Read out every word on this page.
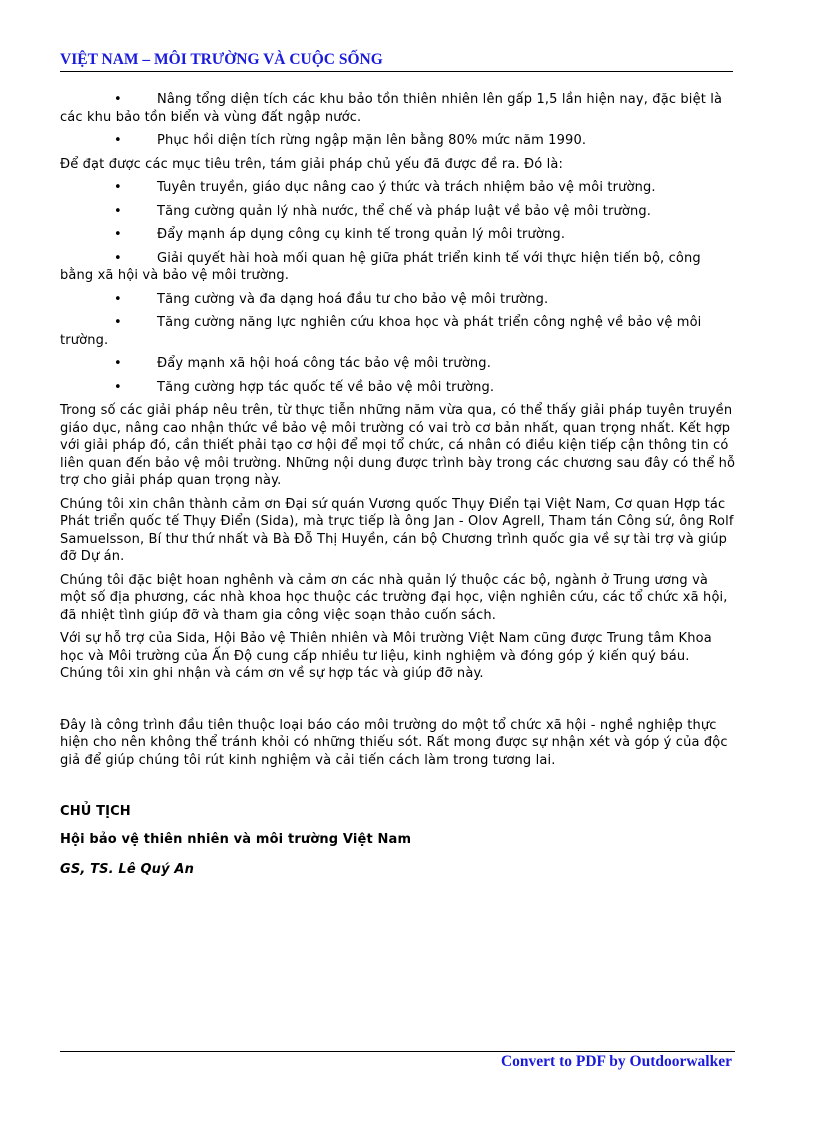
VIỆT NAM – MÔI TRƯỜNG VÀ CUỘC SỐNG
•	Nâng tổng diện tích các khu bảo tồn thiên nhiên lên gấp 1,5 lần hiện nay, đặc biệt là các khu bảo tồn biển và vùng đất ngập nước.
•	Phục hồi diện tích rừng ngập mặn lên bằng 80% mức năm 1990.

Để đạt được các mục tiêu trên, tám giải pháp chủ yếu đã được đề ra. Đó là:

•	Tuyên truyền, giáo dục nâng cao ý thức và trách nhiệm bảo vệ môi trường.
•	Tăng cường quản lý nhà nước, thể chế và pháp luật về bảo vệ môi trường.
•	Đẩy mạnh áp dụng công cụ kinh tế trong quản lý môi trường.
•	Giải quyết hài hoà mối quan hệ giữa phát triển kinh tế với thực hiện tiến bộ, công bằng xã hội và bảo vệ môi trường.
•	Tăng cường và đa dạng hoá đầu tư cho bảo vệ môi trường.
•	Tăng cường năng lực nghiên cứu khoa học và phát triển công nghệ về bảo vệ môi trường.
•	Đẩy mạnh xã hội hoá công tác bảo vệ môi trường.
•	Tăng cường hợp tác quốc tế về bảo vệ môi trường.

Trong số các giải pháp nêu trên, từ thực tiễn những năm vừa qua, có thể thấy giải pháp tuyên truyền giáo dục, nâng cao nhận thức về bảo vệ môi trường có vai trò cơ bản nhất, quan trọng nhất. Kết hợp với giải pháp đó, cần thiết phải tạo cơ hội để mọi tổ chức, cá nhân có điều kiện tiếp cận thông tin có liên quan đến bảo vệ môi trường. Những nội dung được trình bày trong các chương sau đây có thể hỗ trợ cho giải pháp quan trọng này.

Chúng tôi xin chân thành cảm ơn Đại sứ quán Vương quốc Thụy Điển tại Việt Nam, Cơ quan Hợp tác Phát triển quốc tế Thụy Điển (Sida), mà trực tiếp là ông Jan - Olov Agrell, Tham tán Công sứ, ông Rolf Samuelsson, Bí thư thứ nhất và Bà Đỗ Thị Huyền, cán bộ Chương trình quốc gia về sự tài trợ và giúp đỡ Dự án.

Chúng tôi đặc biệt hoan nghênh và cảm ơn các nhà quản lý thuộc các bộ, ngành ở Trung ương và một số địa phương, các nhà khoa học thuộc các trường đại học, viện nghiên cứu, các tổ chức xã hội, đã nhiệt tình giúp đỡ và tham gia công việc soạn thảo cuốn sách.

Với sự hỗ trợ của Sida, Hội Bảo vệ Thiên nhiên và Môi trường Việt Nam cũng được Trung tâm Khoa học và Môi trường của Ấn Độ cung cấp nhiều tư liệu, kinh nghiệm và đóng góp ý kiến quý báu. Chúng tôi xin ghi nhận và cám ơn về sự hợp tác và giúp đỡ này.

Đây là công trình đầu tiên thuộc loại báo cáo môi trường do một tổ chức xã hội - nghề nghiệp thực hiện cho nên không thể tránh khỏi có những thiếu sót. Rất mong được sự nhận xét và góp ý của độc giả để giúp chúng tôi rút kinh nghiệm và cải tiến cách làm trong tương lai.

CHỦ TỊCH

Hội bảo vệ thiên nhiên và môi trường Việt Nam

GS, TS. Lê Quý An

Convert to PDF by Outdoorwalker
